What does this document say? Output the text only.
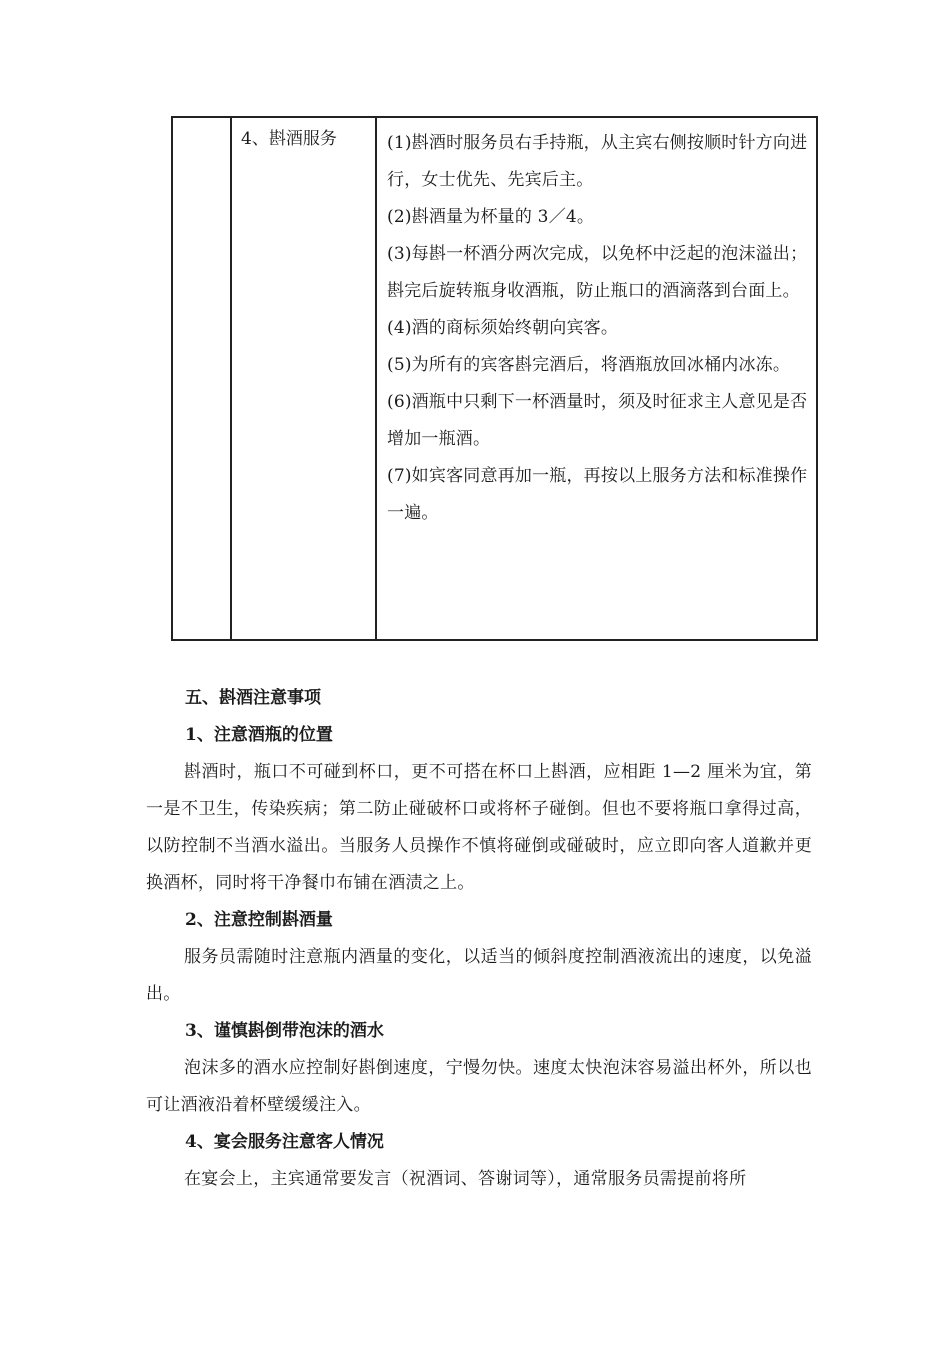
4、斟酒服务	(1)斟酒时服务员右手持瓶，从主宾右侧按顺时针方向进行，女士优先、先宾后主。
(2)斟酒量为杯量的 3／4。
(3)每斟一杯酒分两次完成，以免杯中泛起的泡沫溢出；斟完后旋转瓶身收酒瓶，防止瓶口的酒滴落到台面上。
(4)酒的商标须始终朝向宾客。
(5)为所有的宾客斟完酒后，将酒瓶放回冰桶内冰冻。
(6)酒瓶中只剩下一杯酒量时，须及时征求主人意见是否增加一瓶酒。
(7)如宾客同意再加一瓶，再按以上服务方法和标准操作一遍。
五、斟酒注意事项
1、注意酒瓶的位置
斟酒时，瓶口不可碰到杯口，更不可搭在杯口上斟酒，应相距 1—2 厘米为宜，第一是不卫生，传染疾病；第二防止碰破杯口或将杯子碰倒。但也不要将瓶口拿得过高，以防控制不当酒水溢出。当服务人员操作不慎将碰倒或碰破时，应立即向客人道歉并更换酒杯，同时将干净餐巾布铺在酒渍之上。
2、注意控制斟酒量
服务员需随时注意瓶内酒量的变化，以适当的倾斜度控制酒液流出的速度，以免溢出。
3、谨慎斟倒带泡沫的酒水
泡沫多的酒水应控制好斟倒速度，宁慢勿快。速度太快泡沫容易溢出杯外，所以也可让酒液沿着杯壁缓缓注入。
4、宴会服务注意客人情况
在宴会上，主宾通常要发言（祝酒词、答谢词等），通常服务员需提前将所
